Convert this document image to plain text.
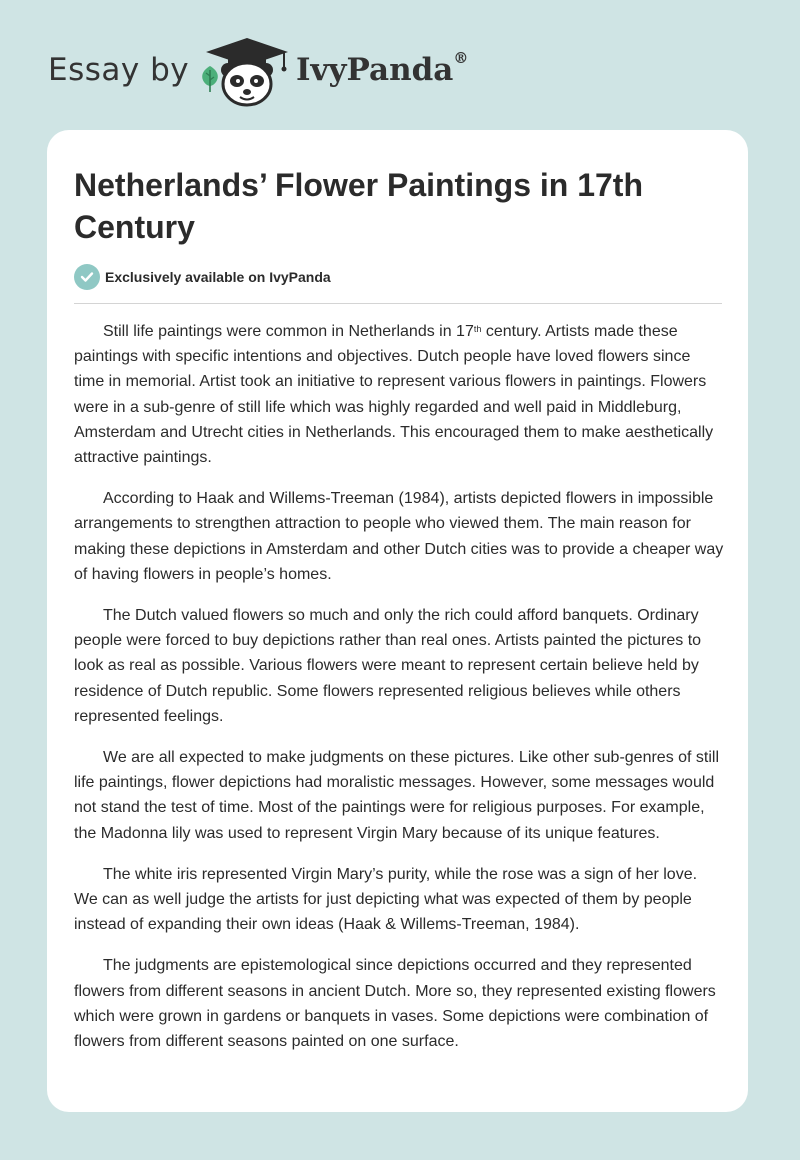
Essay by	IvyPanda®
Netherlands’ Flower Paintings in 17th Century
Exclusively available on IvyPanda

Still life paintings were common in Netherlands in 17th century. Artists made these paintings with specific intentions and objectives. Dutch people have loved flowers since time in memorial. Artist took an initiative to represent various flowers in paintings. Flowers were in a sub-genre of still life which was highly regarded and well paid in Middleburg, Amsterdam and Utrecht cities in Netherlands. This encouraged them to make aesthetically attractive paintings.

According to Haak and Willems-Treeman (1984), artists depicted flowers in impossible arrangements to strengthen attraction to people who viewed them. The main reason for making these depictions in Amsterdam and other Dutch cities was to provide a cheaper way of having flowers in people’s homes.

The Dutch valued flowers so much and only the rich could afford banquets. Ordinary people were forced to buy depictions rather than real ones. Artists painted the pictures to look as real as possible. Various flowers were meant to represent certain believe held by residence of Dutch republic. Some flowers represented religious believes while others represented feelings.

We are all expected to make judgments on these pictures. Like other sub-genres of still life paintings, flower depictions had moralistic messages. However, some messages would not stand the test of time. Most of the paintings were for religious purposes. For example, the Madonna lily was used to represent Virgin Mary because of its unique features.

The white iris represented Virgin Mary’s purity, while the rose was a sign of her love. We can as well judge the artists for just depicting what was expected of them by people instead of expanding their own ideas (Haak & Willems-Treeman, 1984).

The judgments are epistemological since depictions occurred and they represented flowers from different seasons in ancient Dutch. More so, they represented existing flowers which were grown in gardens or banquets in vases. Some depictions were combination of flowers from different seasons painted on one surface.
